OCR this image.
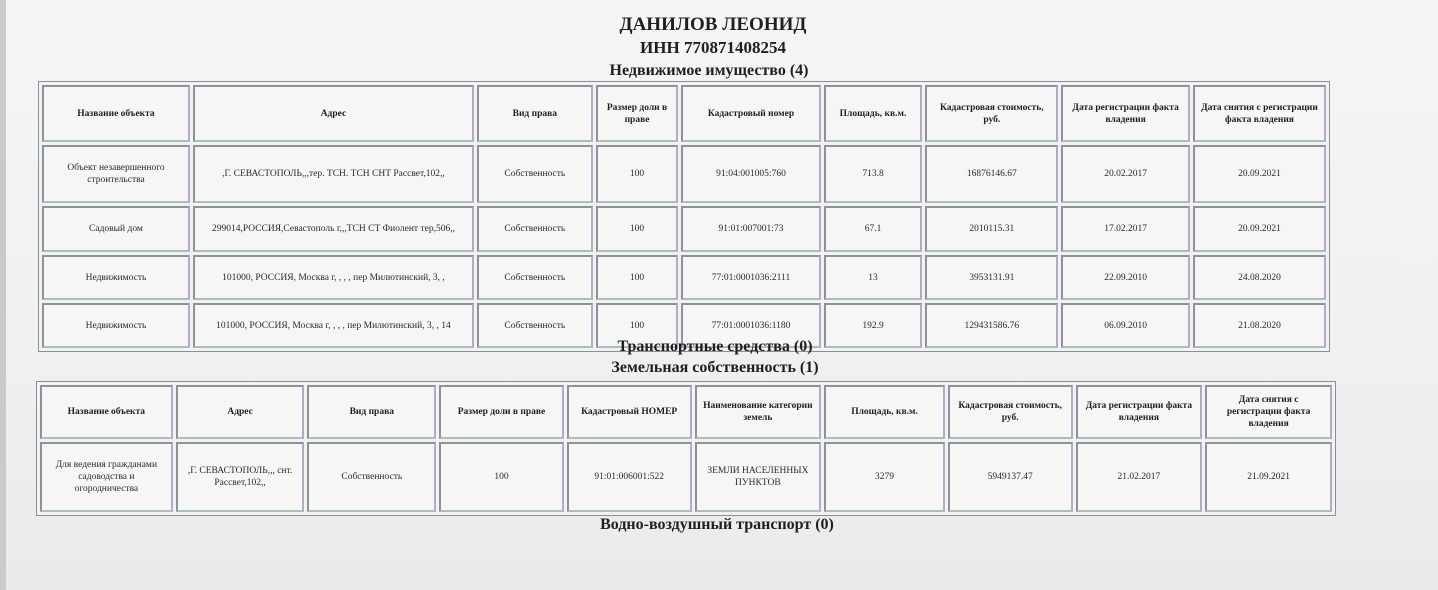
ДАНИЛОВ ЛЕОНИД
ИНН 770871408254
Недвижимое имущество (4)
Название объекта	Адрес	Вид права	Размер доли в праве	Кадастровый номер	Площадь, кв.м.	Кадастровая стоимость, руб.	Дата регистрации факта владения	Дата снятия с регистрации факта владения
Объект незавершенного строительства	,Г. СЕВАСТОПОЛЬ,,,тер. ТСН. ТСН СНТ Рассвет,102,,	Собственность	100	91:04:001005:760	713.8	16876146.67	20.02.2017	20.09.2021
Садовый дом	299014,РОССИЯ,Севастополь г,,,ТСН СТ Фиолент тер,506,,	Собственность	100	91:01:007001:73	67.1	2010115.31	17.02.2017	20.09.2021
Недвижимость	101000, РОССИЯ, Москва г, , , , пер Милютинский, 3, ,	Собственность	100	77:01:0001036:2111	13	3953131.91	22.09.2010	24.08.2020
Недвижимость	101000, РОССИЯ, Москва г, , , , пер Милютинский, 3, , 14	Собственность	100	77:01:0001036:1180	192.9	129431586.76	06.09.2010	21.08.2020
Транспортные средства (0)
Земельная собственность (1)
Название объекта	Адрес	Вид права	Размер доли в праве	Кадастровый НОМЕР	Наименование категории земель	Площадь, кв.м.	Кадастровая стоимость, руб.	Дата регистрации факта владения	Дата снятия с регистрации факта владения
Для ведения гражданами садоводства и огородничества	,Г. СЕВАСТОПОЛЬ,,, снт. Рассвет,102,,	Собственность	100	91:01:006001:522	ЗЕМЛИ НАСЕЛЕННЫХ ПУНКТОВ	3279	5949137.47	21.02.2017	21.09.2021
Водно-воздушный транспорт (0)
